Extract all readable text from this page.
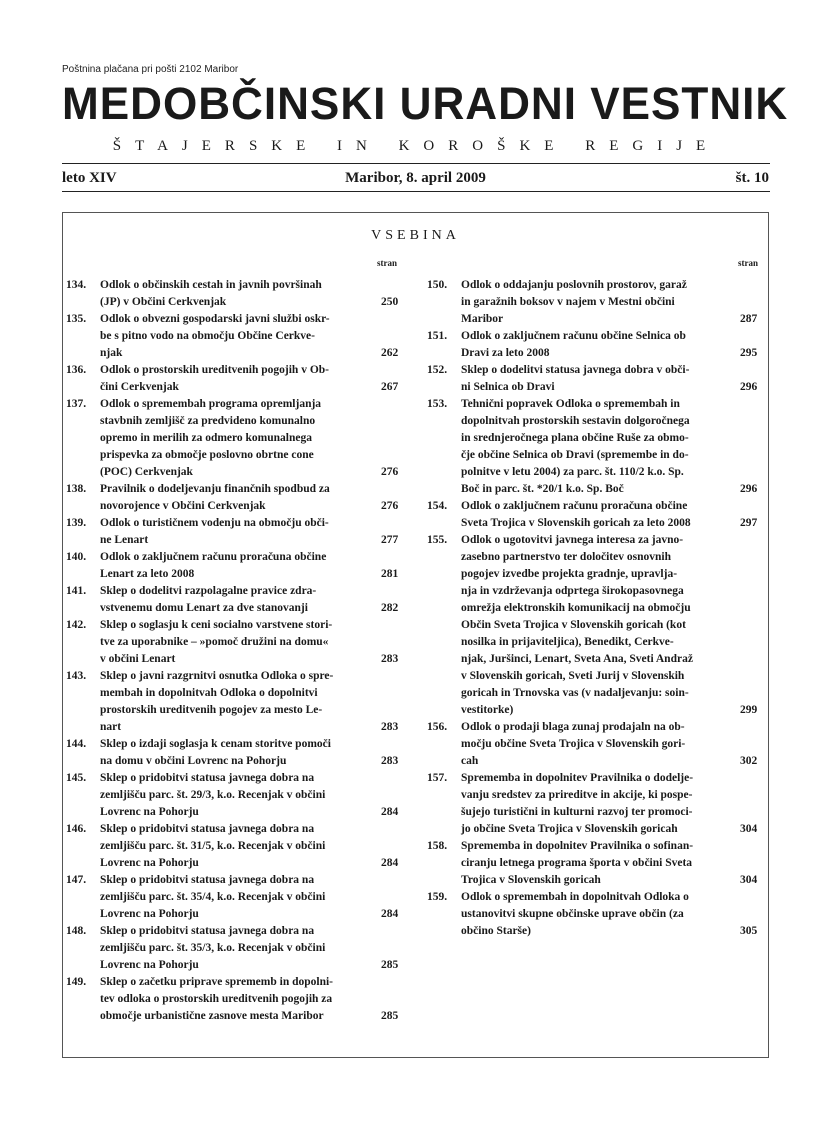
Poštnina plačana pri pošti 2102 Maribor
MEDOBČINSKI URADNI VESTNIK
ŠTAJERSKE IN KOROŠKE REGIJE
leto XIV	Maribor, 8. april 2009	št. 10
VSEBINA
stran	stran
134. Odlok o občinskih cestah in javnih površinah
(JP) v Občini Cerkvenjak	250
135. Odlok o obvezni gospodarski javni službi oskr-
be s pitno vodo na območju Občine Cerkve-
njak	262
136. Odlok o prostorskih ureditvenih pogojih v Ob-
čini Cerkvenjak	267
137. Odlok o spremembah programa opremljanja
stavbnih zemljišč za predvideno komunalno
opremo in merilih za odmero komunalnega
prispevka za območje poslovno obrtne cone
(POC) Cerkvenjak	276
138. Pravilnik o dodeljevanju finančnih spodbud za
novorojence v Občini Cerkvenjak	276
139. Odlok o turističnem vodenju na območju obči-
ne Lenart	277
140. Odlok o zaključnem računu proračuna občine
Lenart za leto 2008	281
141. Sklep o dodelitvi razpolagalne pravice zdra-
vstvenemu domu Lenart za dve stanovanji	282
142. Sklep o soglasju k ceni socialno varstvene stori-
tve za uporabnike – »pomoč družini na domu«
v občini Lenart	283
143. Sklep o javni razgrnitvi osnutka Odloka o spre-
membah in dopolnitvah Odloka o dopolnitvi
prostorskih ureditvenih pogojev za mesto Le-
nart	283
144. Sklep o izdaji soglasja k cenam storitve pomoči
na domu v občini Lovrenc na Pohorju	283
145. Sklep o pridobitvi statusa javnega dobra na
zemljišču parc. št. 29/3, k.o. Recenjak v občini
Lovrenc na Pohorju	284
146. Sklep o pridobitvi statusa javnega dobra na
zemljišču parc. št. 31/5, k.o. Recenjak v občini
Lovrenc na Pohorju	284
147. Sklep o pridobitvi statusa javnega dobra na
zemljišču parc. št. 35/4, k.o. Recenjak v občini
Lovrenc na Pohorju	284
148. Sklep o pridobitvi statusa javnega dobra na
zemljišču parc. št. 35/3, k.o. Recenjak v občini
Lovrenc na Pohorju	285
149. Sklep o začetku priprave sprememb in dopolni-
tev odloka o prostorskih ureditvenih pogojih za
območje urbanistične zasnove mesta Maribor	285
150. Odlok o oddajanju poslovnih prostorov, garaž
in garažnih boksov v najem v Mestni občini
Maribor	287
151. Odlok o zaključnem računu občine Selnica ob
Dravi za leto 2008	295
152. Sklep o dodelitvi statusa javnega dobra v obči-
ni Selnica ob Dravi	296
153. Tehnični popravek Odloka o spremembah in
dopolnitvah prostorskih sestavin dolgoročnega
in srednjeročnega plana občine Ruše za obmo-
čje občine Selnica ob Dravi (spremembe in do-
polnitve v letu 2004) za parc. št. 110/2 k.o. Sp.
Boč in parc. št. *20/1 k.o. Sp. Boč	296
154. Odlok o zaključnem računu proračuna občine
Sveta Trojica v Slovenskih goricah za leto 2008	297
155. Odlok o ugotovitvi javnega interesa za javno-
zasebno partnerstvo ter določitev osnovnih
pogojev izvedbe projekta gradnje, upravlja-
nja in vzdrževanja odprtega širokopasovnega
omrežja elektronskih komunikacij na območju
Občin Sveta Trojica v Slovenskih goricah (kot
nosilka in prijaviteljica), Benedikt, Cerkve-
njak, Juršinci, Lenart, Sveta Ana, Sveti Andraž
v Slovenskih goricah, Sveti Jurij v Slovenskih
goricah in Trnovska vas (v nadaljevanju: soin-
vestitorke)	299
156. Odlok o prodaji blaga zunaj prodajaln na ob-
močju občine Sveta Trojica v Slovenskih gori-
cah	302
157. Sprememba in dopolnitev Pravilnika o dodelje-
vanju sredstev za prireditve in akcije, ki pospe-
šujejo turistični in kulturni razvoj ter promoci-
jo občine Sveta Trojica v Slovenskih goricah	304
158. Sprememba in dopolnitev Pravilnika o sofinan-
ciranju letnega programa športa v občini Sveta
Trojica v Slovenskih goricah	304
159. Odlok o spremembah in dopolnitvah Odloka o
ustanovitvi skupne občinske uprave občin (za
občino Starše)	305
